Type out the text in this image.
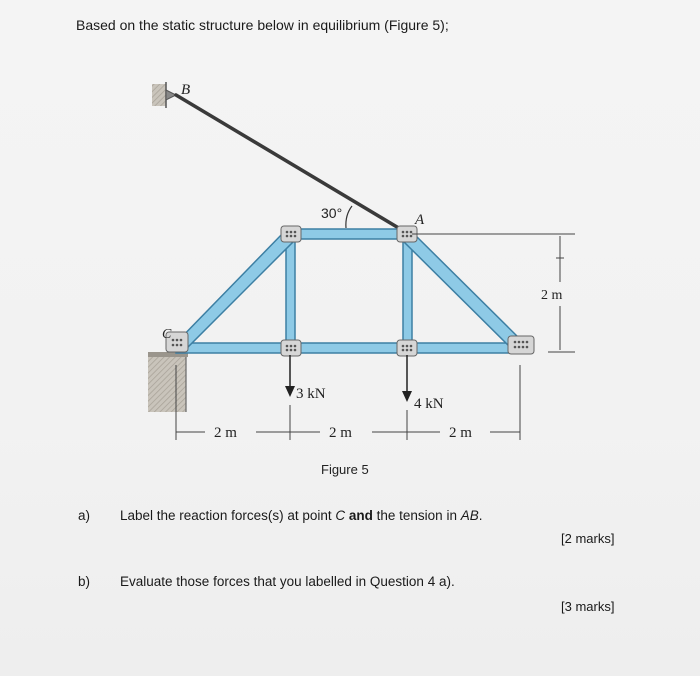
Based on the static structure below in equilibrium (Figure 5);
B
A
C
30°
2 m
3 kN
4 kN
2 m	2 m	2 m
Figure 5
a) Label the reaction forces(s) at point C and the tension in AB.
[2 marks]
b) Evaluate those forces that you labelled in Question 4 a).
[3 marks]
